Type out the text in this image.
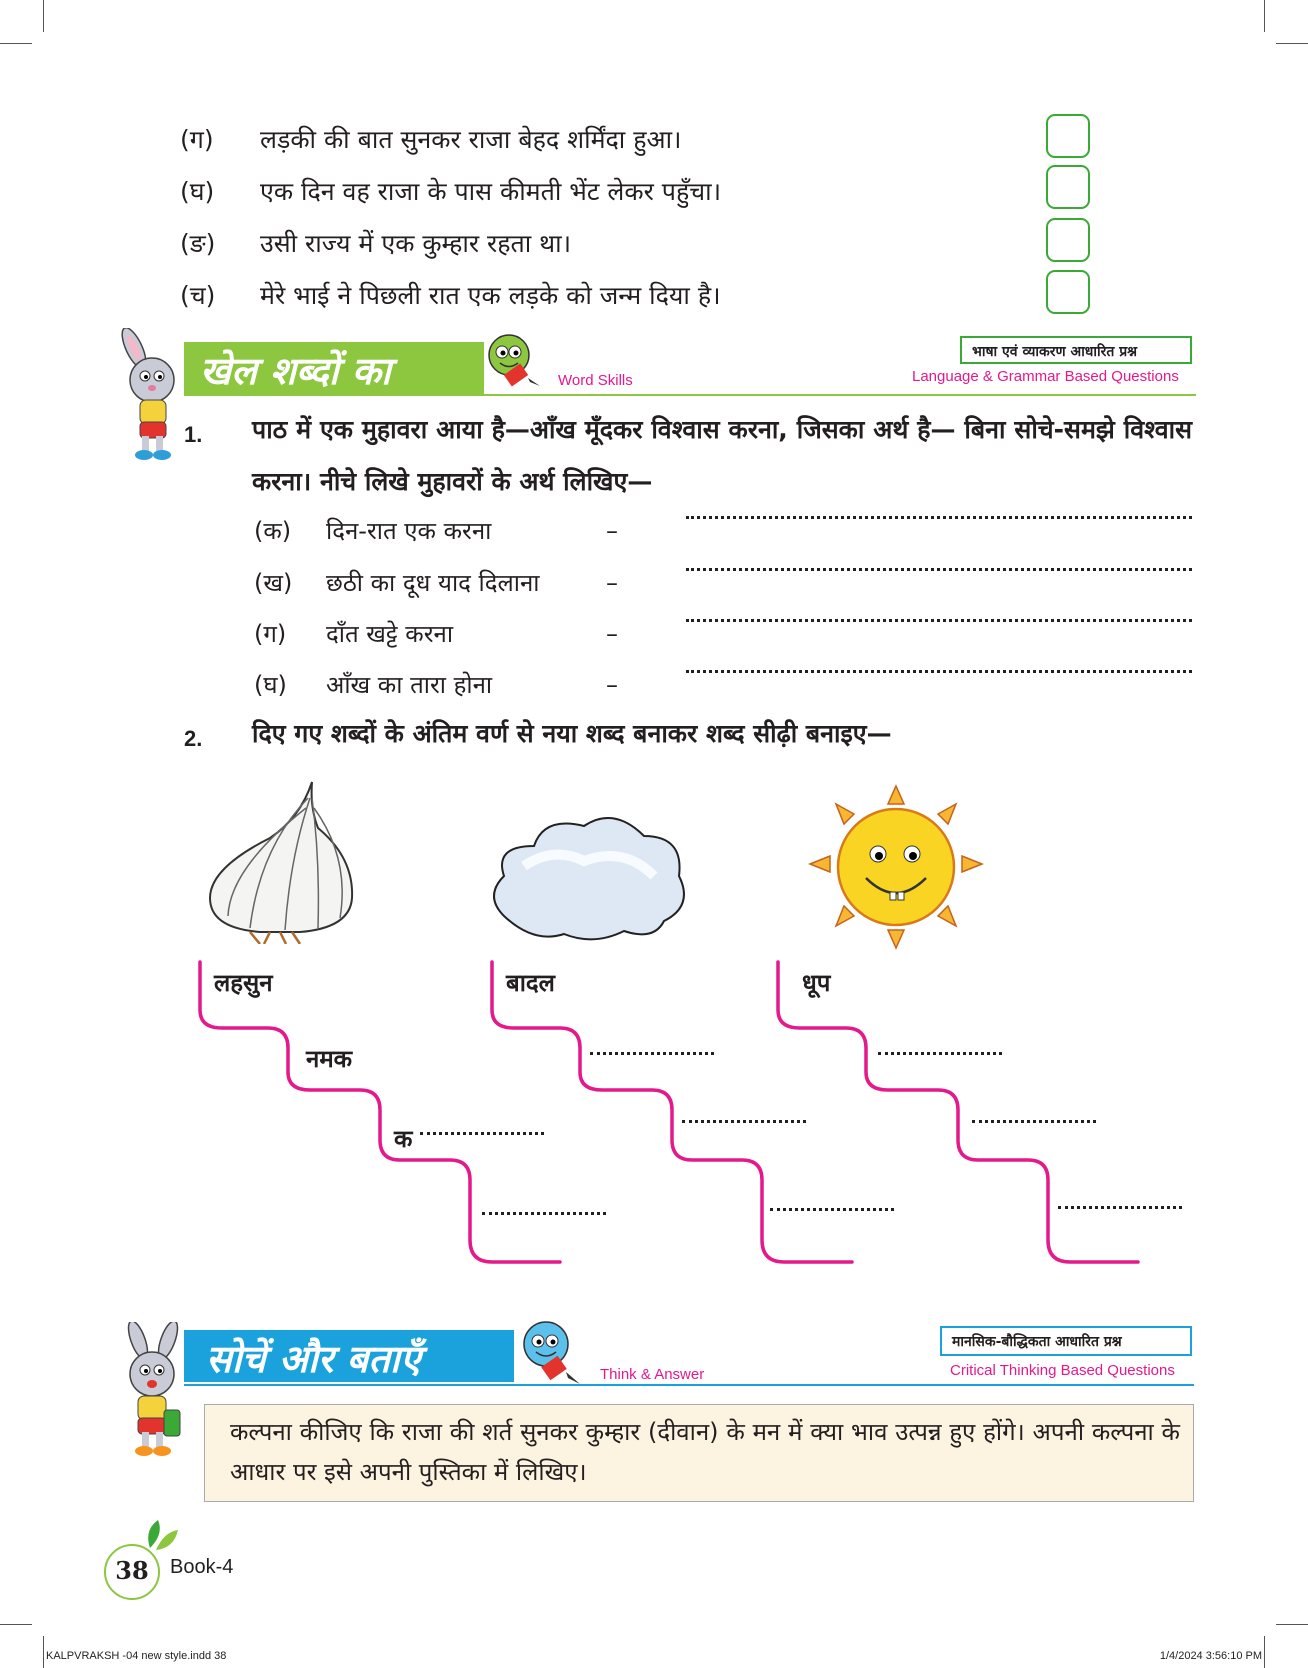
(ग)	लड़की की बात सुनकर राजा बेहद शर्मिंदा हुआ।
(घ)	एक दिन वह राजा के पास कीमती भेंट लेकर पहुँचा।
(ङ)	उसी राज्य में एक कुम्हार रहता था।
(च)	मेरे भाई ने पिछली रात एक लड़के को जन्म दिया है।
खेल शब्दों का	Word Skills
भाषा एवं व्याकरण आधारित प्रश्न
Language & Grammar Based Questions
1. पाठ में एक मुहावरा आया है—आँख मूँदकर विश्वास करना, जिसका अर्थ है— बिना सोचे-समझे विश्वास करना। नीचे लिखे मुहावरों के अर्थ लिखिए—
(क)	दिन-रात एक करना	–
(ख)	छठी का दूध याद दिलाना	–
(ग)	दाँत खट्टे करना	–
(घ)	आँख का तारा होना	–
2. दिए गए शब्दों के अंतिम वर्ण से नया शब्द बनाकर शब्द सीढ़ी बनाइए—
लहसुन
नमक
क
बादल	धूप
सोचें और बताएँ	Think & Answer
मानसिक-बौद्धिकता आधारित प्रश्न
Critical Thinking Based Questions
कल्पना कीजिए कि राजा की शर्त सुनकर कुम्हार (दीवान) के मन में क्या भाव उत्पन्न हुए होंगे। अपनी कल्पना के आधार पर इसे अपनी पुस्तिका में लिखिए।
38	Book-4
KALPVRAKSH -04 new style.indd 38	1/4/2024 3:56:10 PM
